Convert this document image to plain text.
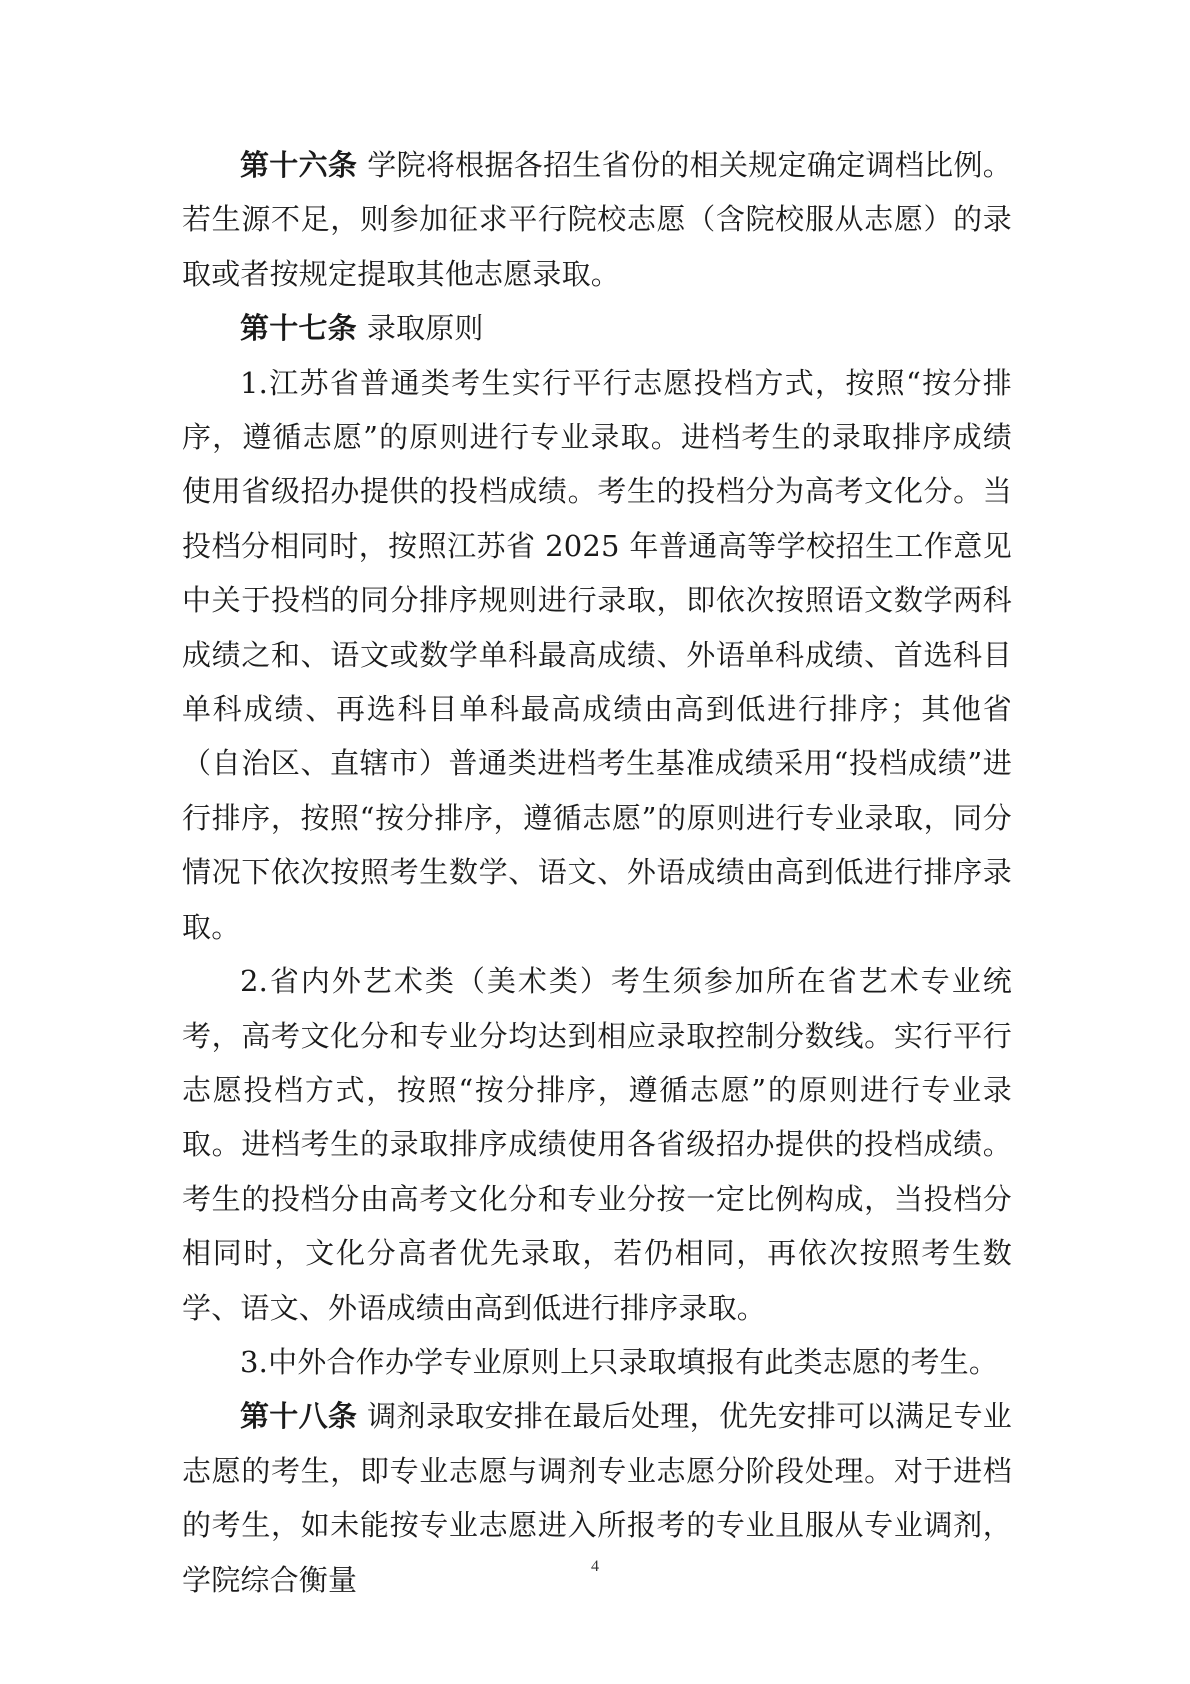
第十六条 学院将根据各招生省份的相关规定确定调档比例。若生源不足，则参加征求平行院校志愿（含院校服从志愿）的录取或者按规定提取其他志愿录取。

第十七条 录取原则

1.江苏省普通类考生实行平行志愿投档方式，按照“按分排序，遵循志愿”的原则进行专业录取。进档考生的录取排序成绩使用省级招办提供的投档成绩。考生的投档分为高考文化分。当投档分相同时，按照江苏省 2025 年普通高等学校招生工作意见中关于投档的同分排序规则进行录取，即依次按照语文数学两科成绩之和、语文或数学单科最高成绩、外语单科成绩、首选科目单科成绩、再选科目单科最高成绩由高到低进行排序；其他省（自治区、直辖市）普通类进档考生基准成绩采用“投档成绩”进行排序，按照“按分排序，遵循志愿”的原则进行专业录取，同分情况下依次按照考生数学、语文、外语成绩由高到低进行排序录取。

2.省内外艺术类（美术类）考生须参加所在省艺术专业统考，高考文化分和专业分均达到相应录取控制分数线。实行平行志愿投档方式，按照“按分排序，遵循志愿”的原则进行专业录取。进档考生的录取排序成绩使用各省级招办提供的投档成绩。考生的投档分由高考文化分和专业分按一定比例构成，当投档分相同时，文化分高者优先录取，若仍相同，再依次按照考生数学、语文、外语成绩由高到低进行排序录取。

3.中外合作办学专业原则上只录取填报有此类志愿的考生。

第十八条 调剂录取安排在最后处理，优先安排可以满足专业志愿的考生，即专业志愿与调剂专业志愿分阶段处理。对于进档的考生，如未能按专业志愿进入所报考的专业且服从专业调剂，学院综合衡量	4
